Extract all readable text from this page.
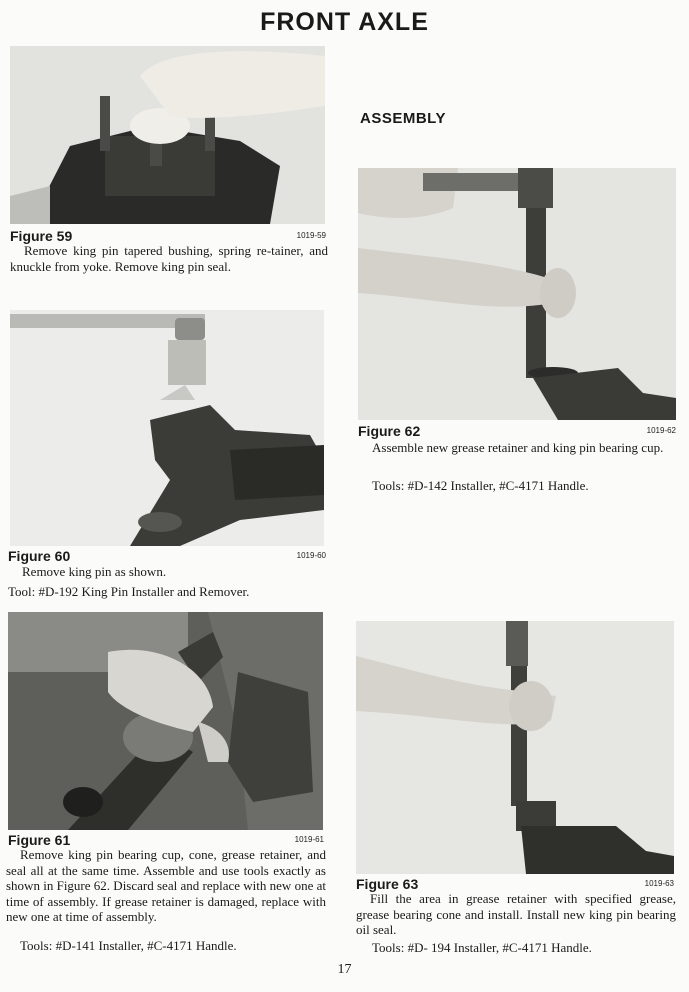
FRONT AXLE
Figure 59	1019-59

Remove king pin tapered bushing, spring re-tainer, and knuckle from yoke. Remove king pin seal.

Figure 60	1019-60

Remove king pin as shown.

Tool: #D-192 King Pin Installer and Remover.
Figure 61	1019-61

Remove king pin bearing cup, cone, grease retainer, and seal all at the same time. Assemble and use tools exactly as shown in Figure 62. Discard seal and replace with new one at time of assembly. If grease retainer is damaged, replace with new one at time of assembly.

Tools: #D-141 Installer, #C-4171 Handle.
ASSEMBLY
Figure 62	1019-62

Assemble new grease retainer and king pin bearing cup.

Tools: #D-142 Installer, #C-4171 Handle.
Figure 63	1019-63

Fill the area in grease retainer with specified grease, grease bearing cone and install. Install new king pin bearing oil seal.

Tools: #D- 194 Installer, #C-4171 Handle.
17
